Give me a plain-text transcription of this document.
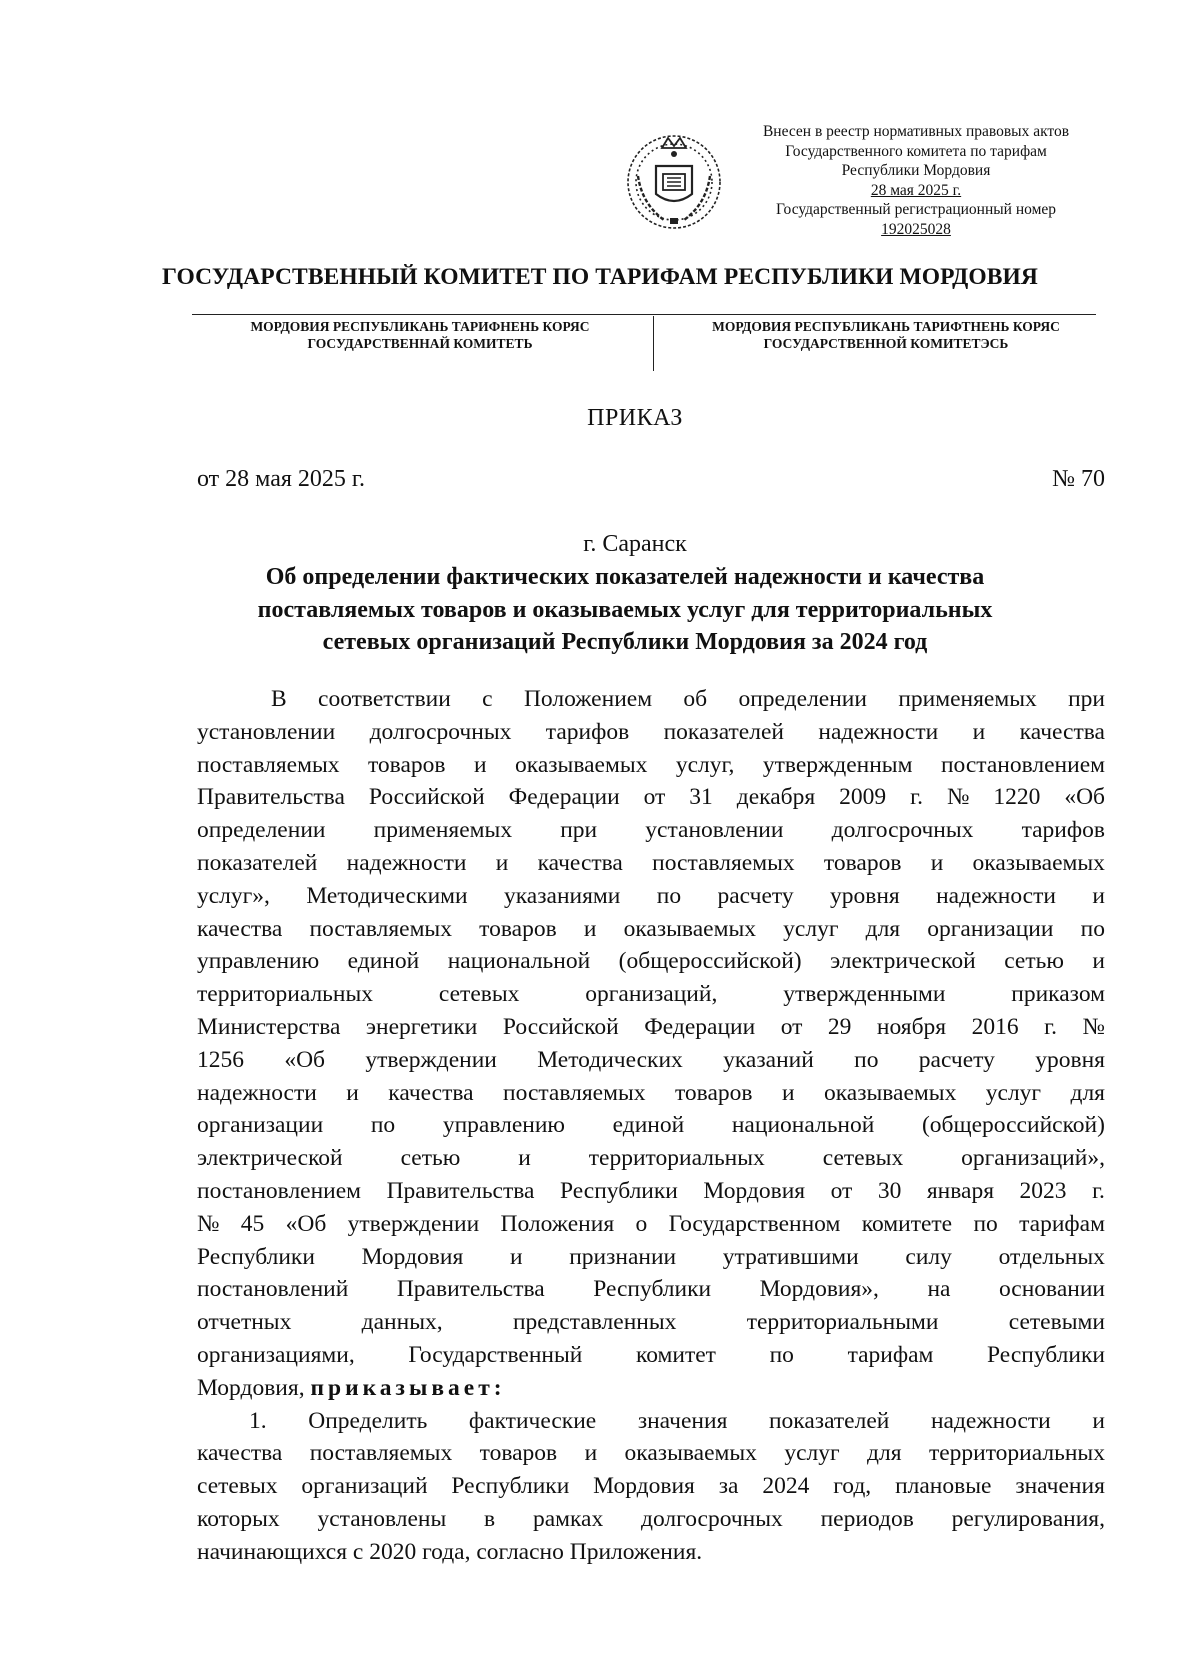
Внесен в реестр нормативных правовых актов
Государственного комитета по тарифам
Республики Мордовия
28 мая 2025 г.
Государственный регистрационный номер
192025028
ГОСУДАРСТВЕННЫЙ КОМИТЕТ ПО ТАРИФАМ РЕСПУБЛИКИ МОРДОВИЯ
МОРДОВИЯ РЕСПУБЛИКАНЬ ТАРИФНЕНЬ КОРЯС
ГОСУДАРСТВЕННАЙ КОМИТЕТЬ
МОРДОВИЯ РЕСПУБЛИКАНЬ ТАРИФТНЕНЬ КОРЯС
ГОСУДАРСТВЕННОЙ КОМИТЕТЭСЬ
ПРИКАЗ
от 28 мая 2025 г.	№ 70
г. Саранск
Об определении фактических показателей надежности и качества
поставляемых товаров и оказываемых услуг для территориальных
сетевых организаций Республики Мордовия за 2024 год
В соответствии с Положением об определении применяемых при
установлении долгосрочных тарифов показателей надежности и качества
поставляемых товаров и оказываемых услуг, утвержденным постановлением
Правительства Российской Федерации от 31 декабря 2009 г. № 1220 «Об
определении применяемых при установлении долгосрочных тарифов
показателей надежности и качества поставляемых товаров и оказываемых
услуг», Методическими указаниями по расчету уровня надежности и
качества поставляемых товаров и оказываемых услуг для организации по
управлению единой национальной (общероссийской) электрической сетью и
территориальных	сетевых	организаций,	утвержденными	приказом
Министерства энергетики Российской Федерации от 29 ноября 2016 г. №
1256 «Об утверждении Методических указаний по расчету уровня
надежности и качества поставляемых товаров и оказываемых услуг для
организации по управлению единой национальной (общероссийской)
электрической сетью и территориальных сетевых организаций»,
постановлением Правительства Республики Мордовия от 30 января 2023 г.
№ 45 «Об утверждении Положения о Государственном комитете по тарифам
Республики Мордовия и признании утратившими силу отдельных
постановлений Правительства Республики Мордовия», на основании
отчетных	данных,	представленных	территориальными	сетевыми
организациями, Государственный комитет по тарифам Республики
Мордовия,
приказывает:
1. Определить фактические значения показателей надежности и
качества поставляемых товаров и оказываемых услуг для территориальных
сетевых организаций Республики Мордовия за 2024 год, плановые значения
которых установлены в рамках долгосрочных периодов регулирования,
начинающихся с 2020 года, согласно Приложения.
